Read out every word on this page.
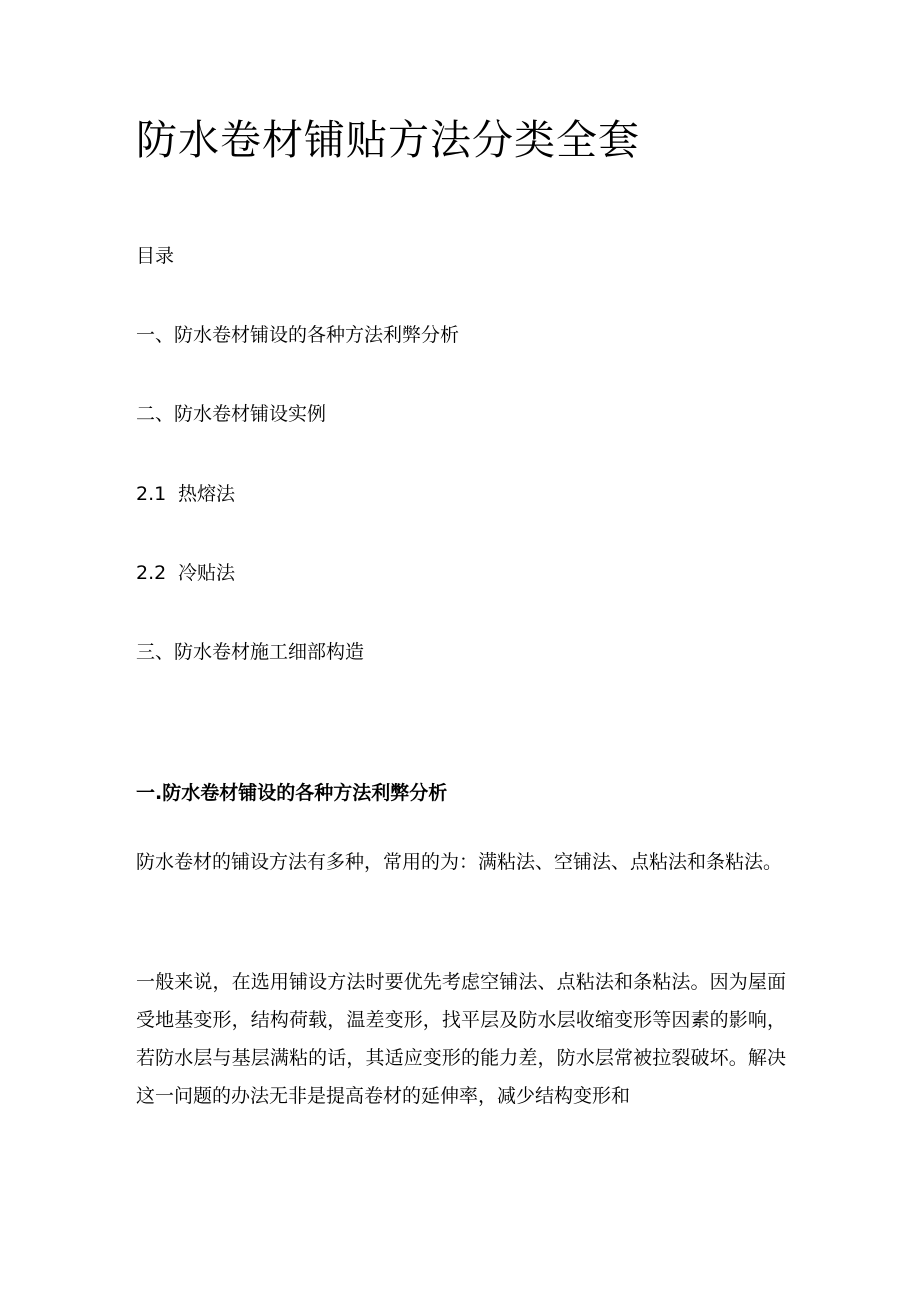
防水卷材铺贴方法分类全套
目录
一、防水卷材铺设的各种方法利弊分析
二、防水卷材铺设实例
2.1 热熔法
2.2 冷贴法
三、防水卷材施工细部构造
一.防水卷材铺设的各种方法利弊分析

防水卷材的铺设方法有多种，常用的为：满粘法、空铺法、点粘法和条粘法。

一般来说，在选用铺设方法时要优先考虑空铺法、点粘法和条粘法。因为屋面受地基变形，结构荷载，温差变形，找平层及防水层收缩变形等因素的影响，若防水层与基层满粘的话，其适应变形的能力差，防水层常被拉裂破坏。解决这一问题的办法无非是提高卷材的延伸率，减少结构变形和
